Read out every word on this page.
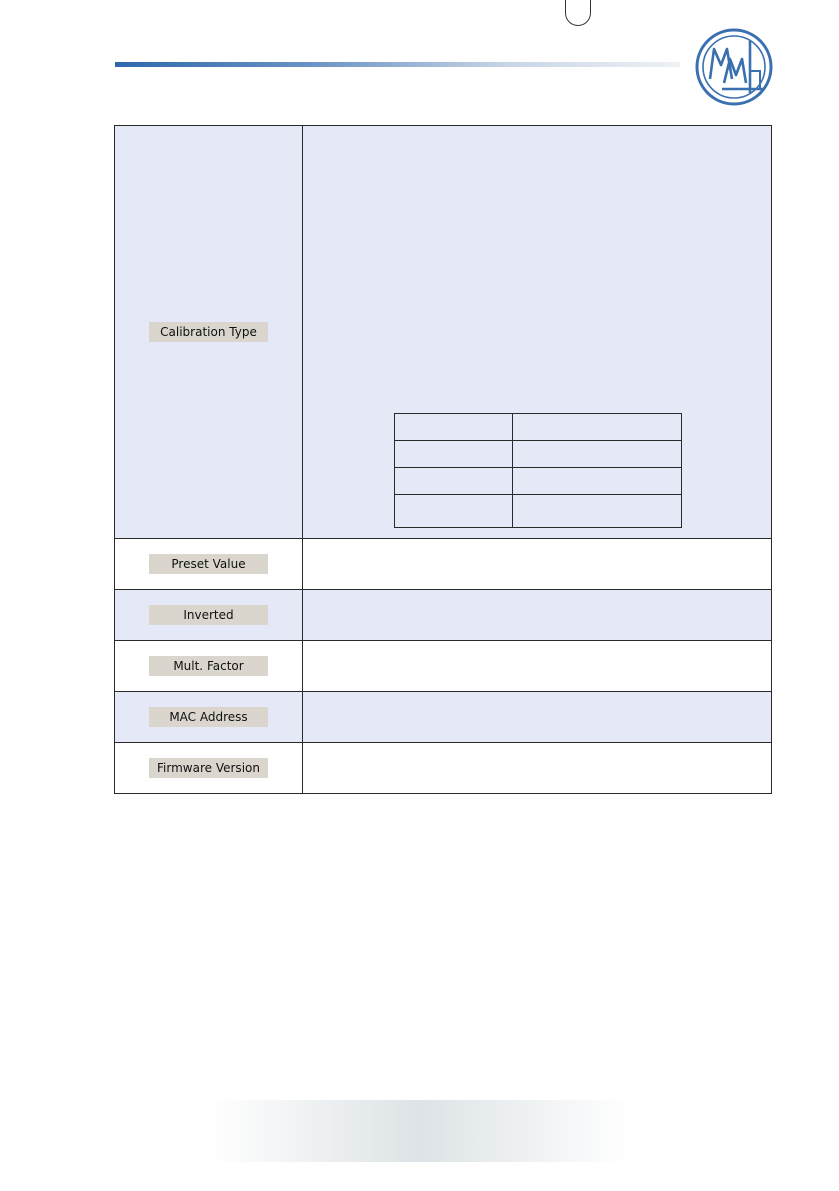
Calibration Type	

Preset Value	

Inverted	

Mult. Factor	

MAC Address	

Firmware Version	
